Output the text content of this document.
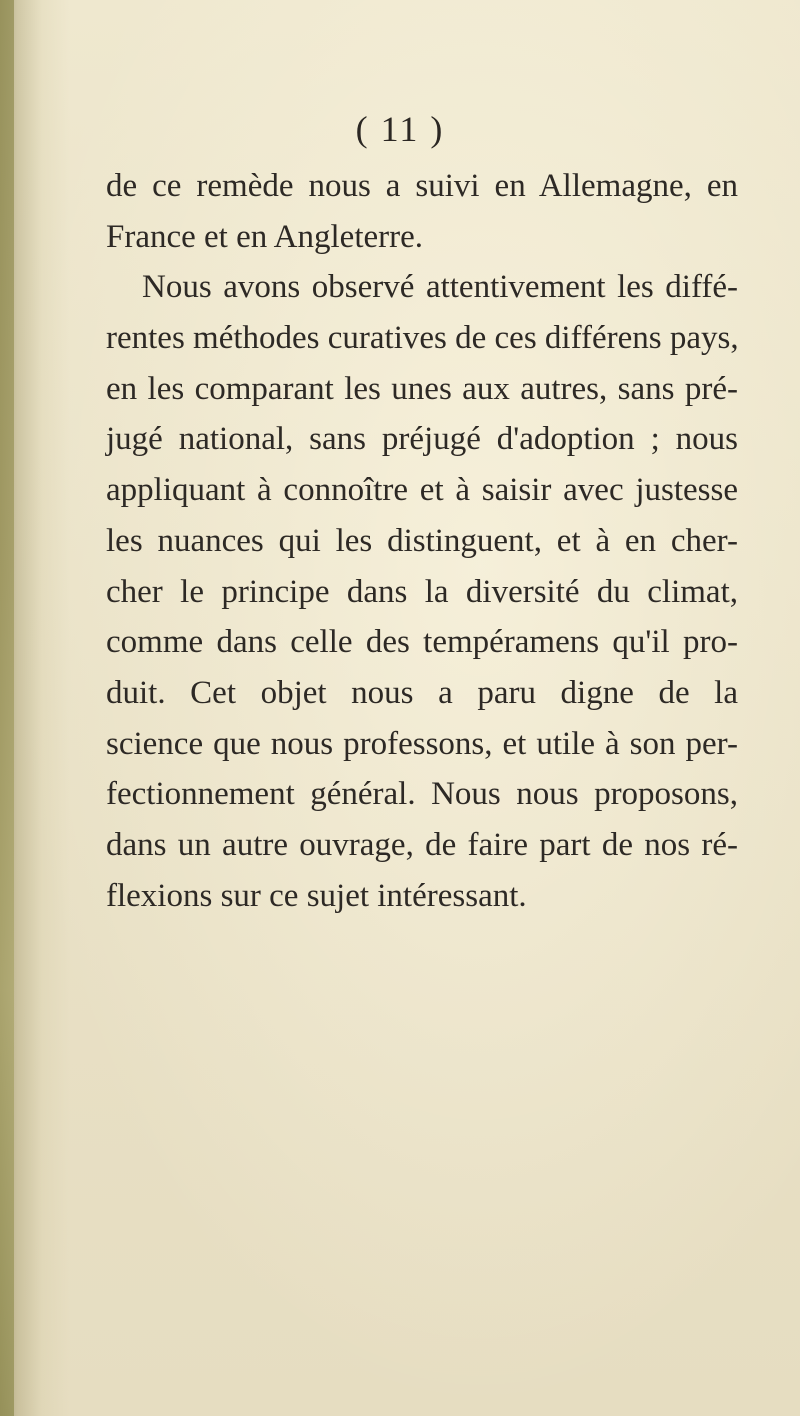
( 11 )
de ce remède nous a suivi en Allemagne, en
France et en Angleterre.
Nous avons observé attentivement les diffé-
rentes méthodes curatives de ces différens pays,
en les comparant les unes aux autres, sans pré-
jugé national, sans préjugé d'adoption ; nous
appliquant à connoître et à saisir avec justesse
les nuances qui les distinguent, et à en cher-
cher le principe dans la diversité du climat,
comme dans celle des tempéramens qu'il pro-
duit. Cet objet nous a paru digne de la
science que nous professons, et utile à son per-
fectionnement général. Nous nous proposons,
dans un autre ouvrage, de faire part de nos ré-
flexions sur ce sujet intéressant.
